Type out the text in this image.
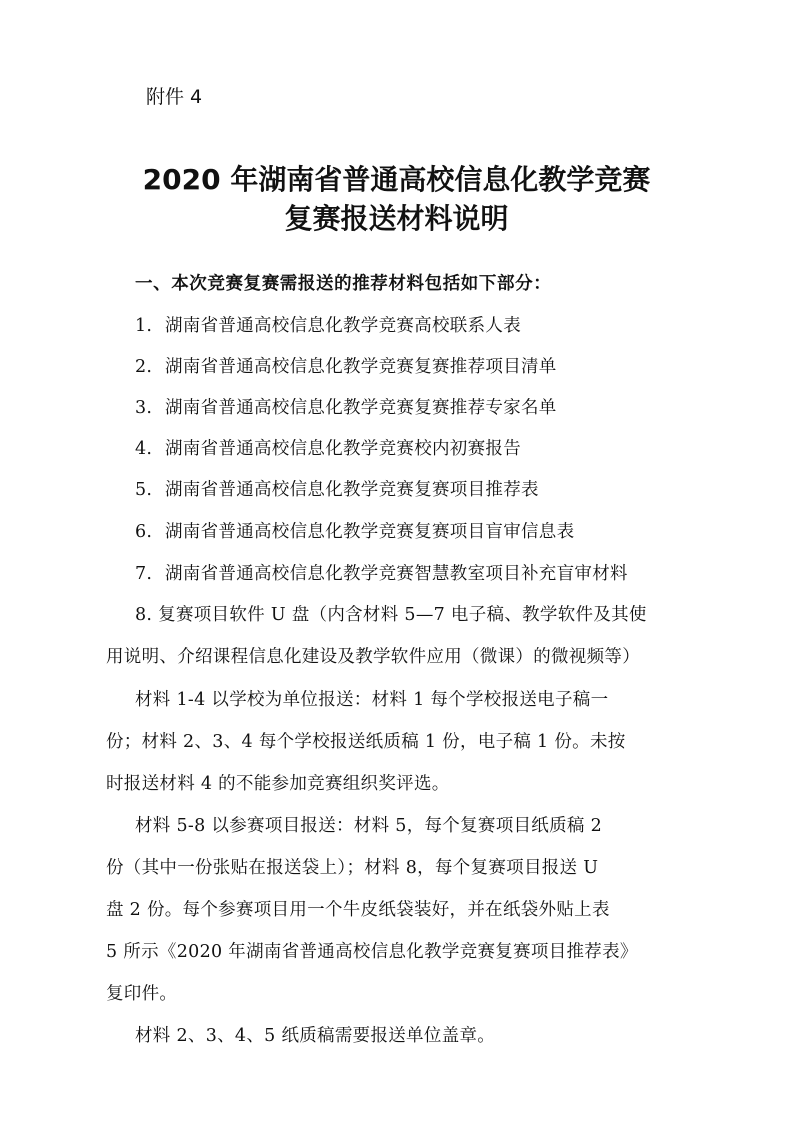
附件 4
2020 年湖南省普通高校信息化教学竞赛
复赛报送材料说明
一、本次竞赛复赛需报送的推荐材料包括如下部分：
1. 湖南省普通高校信息化教学竞赛高校联系人表
2. 湖南省普通高校信息化教学竞赛复赛推荐项目清单
3. 湖南省普通高校信息化教学竞赛复赛推荐专家名单
4. 湖南省普通高校信息化教学竞赛校内初赛报告
5. 湖南省普通高校信息化教学竞赛复赛项目推荐表
6. 湖南省普通高校信息化教学竞赛复赛项目盲审信息表
7. 湖南省普通高校信息化教学竞赛智慧教室项目补充盲审材料
8. 复赛项目软件 U 盘（内含材料 5—7 电子稿、教学软件及其使
用说明、介绍课程信息化建设及教学软件应用（微课）的微视频等）
材料 1-4 以学校为单位报送：材料 1 每个学校报送电子稿一
份；材料 2、3、4 每个学校报送纸质稿 1 份，电子稿 1 份。未按
时报送材料 4 的不能参加竞赛组织奖评选。
材料 5-8 以参赛项目报送：材料 5，每个复赛项目纸质稿 2
份（其中一份张贴在报送袋上）；材料 8，每个复赛项目报送 U
盘 2 份。每个参赛项目用一个牛皮纸袋装好，并在纸袋外贴上表
5 所示《2020 年湖南省普通高校信息化教学竞赛复赛项目推荐表》
复印件。
材料 2、3、4、5 纸质稿需要报送单位盖章。
